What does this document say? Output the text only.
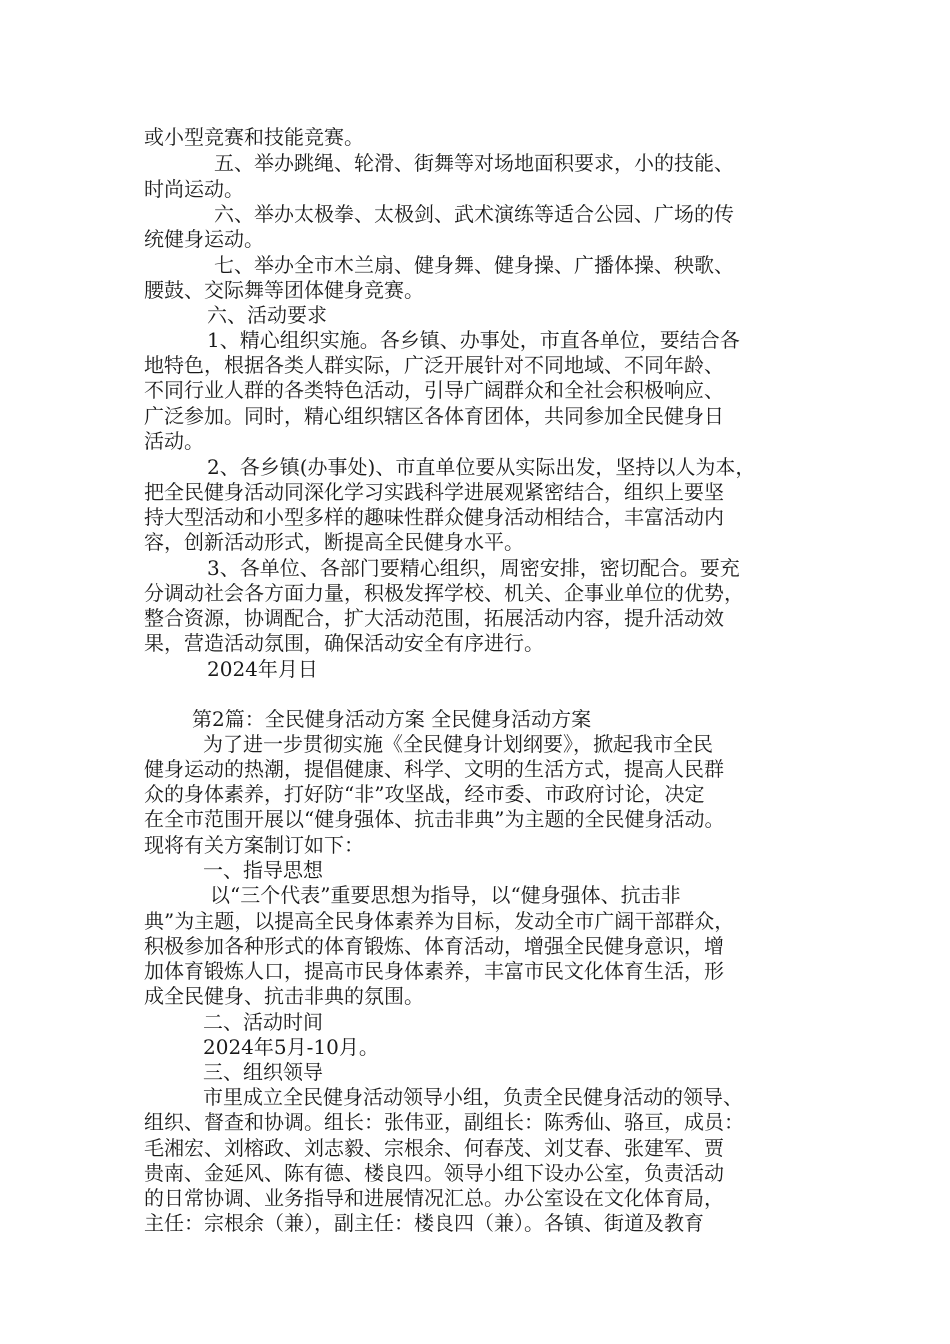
或小型竞赛和技能竞赛。
五、举办跳绳、轮滑、街舞等对场地面积要求，小的技能、
时尚运动。
六、举办太极拳、太极剑、武术演练等适合公园、广场的传
统健身运动。
七、举办全市木兰扇、健身舞、健身操、广播体操、秧歌、
腰鼓、交际舞等团体健身竞赛。
六、活动要求
1、精心组织实施。各乡镇、办事处，市直各单位，要结合各
地特色，根据各类人群实际，广泛开展针对不同地域、不同年龄、
不同行业人群的各类特色活动，引导广阔群众和全社会积极响应、
广泛参加。同时，精心组织辖区各体育团体，共同参加全民健身日
活动。
2、各乡镇(办事处)、市直单位要从实际出发，坚持以人为本，
把全民健身活动同深化学习实践科学进展观紧密结合，组织上要坚
持大型活动和小型多样的趣味性群众健身活动相结合，丰富活动内
容，创新活动形式，断提高全民健身水平。
3、各单位、各部门要精心组织，周密安排，密切配合。要充
分调动社会各方面力量，积极发挥学校、机关、企事业单位的优势，
整合资源，协调配合，扩大活动范围，拓展活动内容，提升活动效
果，营造活动氛围，确保活动安全有序进行。
2024年月日
第2篇：全民健身活动方案 全民健身活动方案
为了进一步贯彻实施《全民健身计划纲要》，掀起我市全民
健身运动的热潮，提倡健康、科学、文明的生活方式，提高人民群
众的身体素养，打好防“非”攻坚战，经市委、市政府讨论，决定
在全市范围开展以“健身强体、抗击非典”为主题的全民健身活动。
现将有关方案制订如下：
一、指导思想
以“三个代表”重要思想为指导，以“健身强体、抗击非
典”为主题，以提高全民身体素养为目标，发动全市广阔干部群众，
积极参加各种形式的体育锻炼、体育活动，增强全民健身意识，增
加体育锻炼人口，提高市民身体素养，丰富市民文化体育生活，形
成全民健身、抗击非典的氛围。
二、活动时间
2024年5月-10月。
三、组织领导
市里成立全民健身活动领导小组，负责全民健身活动的领导、
组织、督查和协调。组长：张伟亚，副组长：陈秀仙、骆亘，成员：
毛湘宏、刘榕政、刘志毅、宗根余、何春茂、刘艾春、张建军、贾
贵南、金延风、陈有德、楼良四。领导小组下设办公室，负责活动
的日常协调、业务指导和进展情况汇总。办公室设在文化体育局，
主任：宗根余（兼），副主任：楼良四（兼）。各镇、街道及教育
